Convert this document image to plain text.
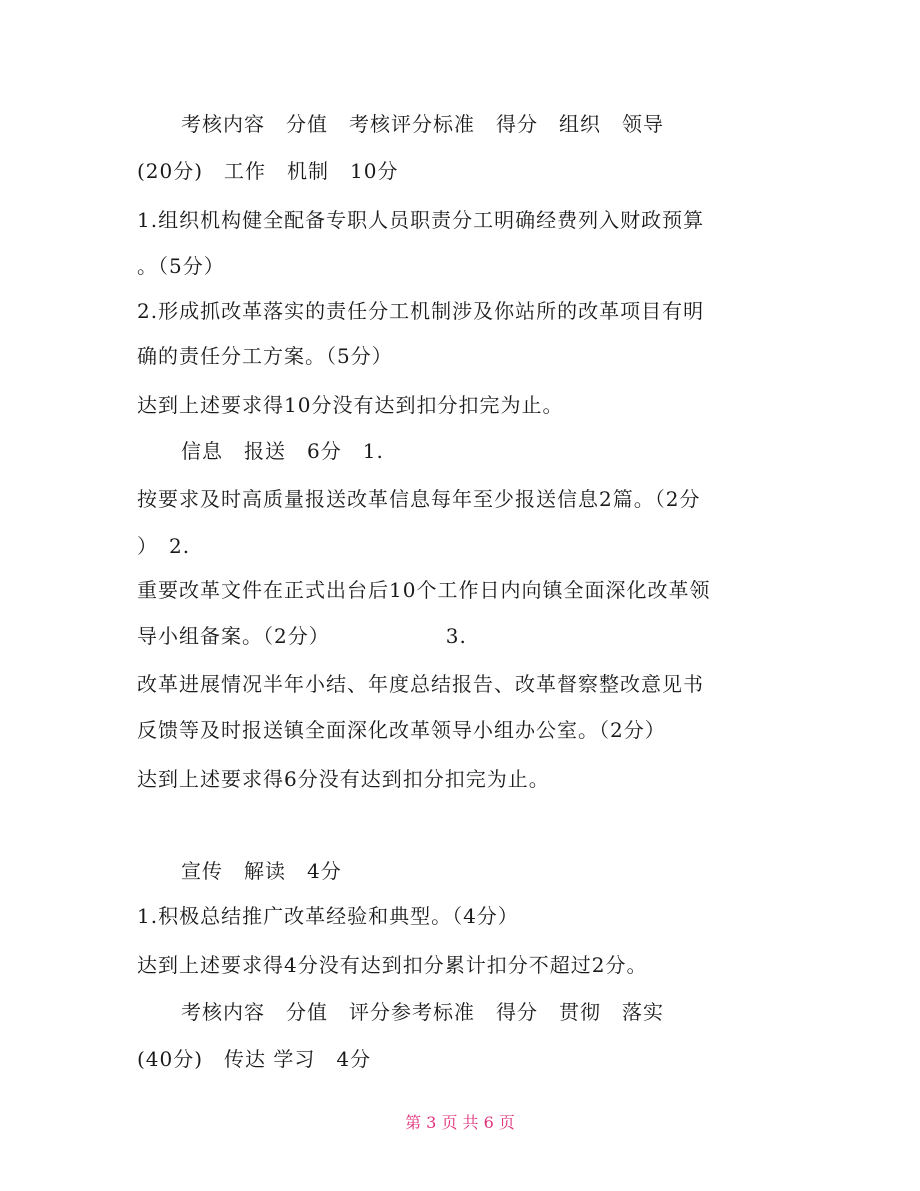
考核内容　分值　考核评分标准　得分　组织　领导
(20分)　工作　机制　10分
1.组织机构健全配备专职人员职责分工明确经费列入财政预算
。（5分）
2.形成抓改革落实的责任分工机制涉及你站所的改革项目有明
确的责任分工方案。（5分）
达到上述要求得10分没有达到扣分扣完为止。
信息　报送　6分　1.
按要求及时高质量报送改革信息每年至少报送信息2篇。（2分
）　2.
重要改革文件在正式出台后10个工作日内向镇全面深化改革领
导小组备案。（2分）　　　　　　3.
改革进展情况半年小结、年度总结报告、改革督察整改意见书
反馈等及时报送镇全面深化改革领导小组办公室。（2分）
达到上述要求得6分没有达到扣分扣完为止。
宣传　解读　4分
1.积极总结推广改革经验和典型。（4分）
达到上述要求得4分没有达到扣分累计扣分不超过2分。
考核内容　分值　评分参考标准　得分　贯彻　落实
(40分)　传达 学习　4分
第 3 页 共 6 页
